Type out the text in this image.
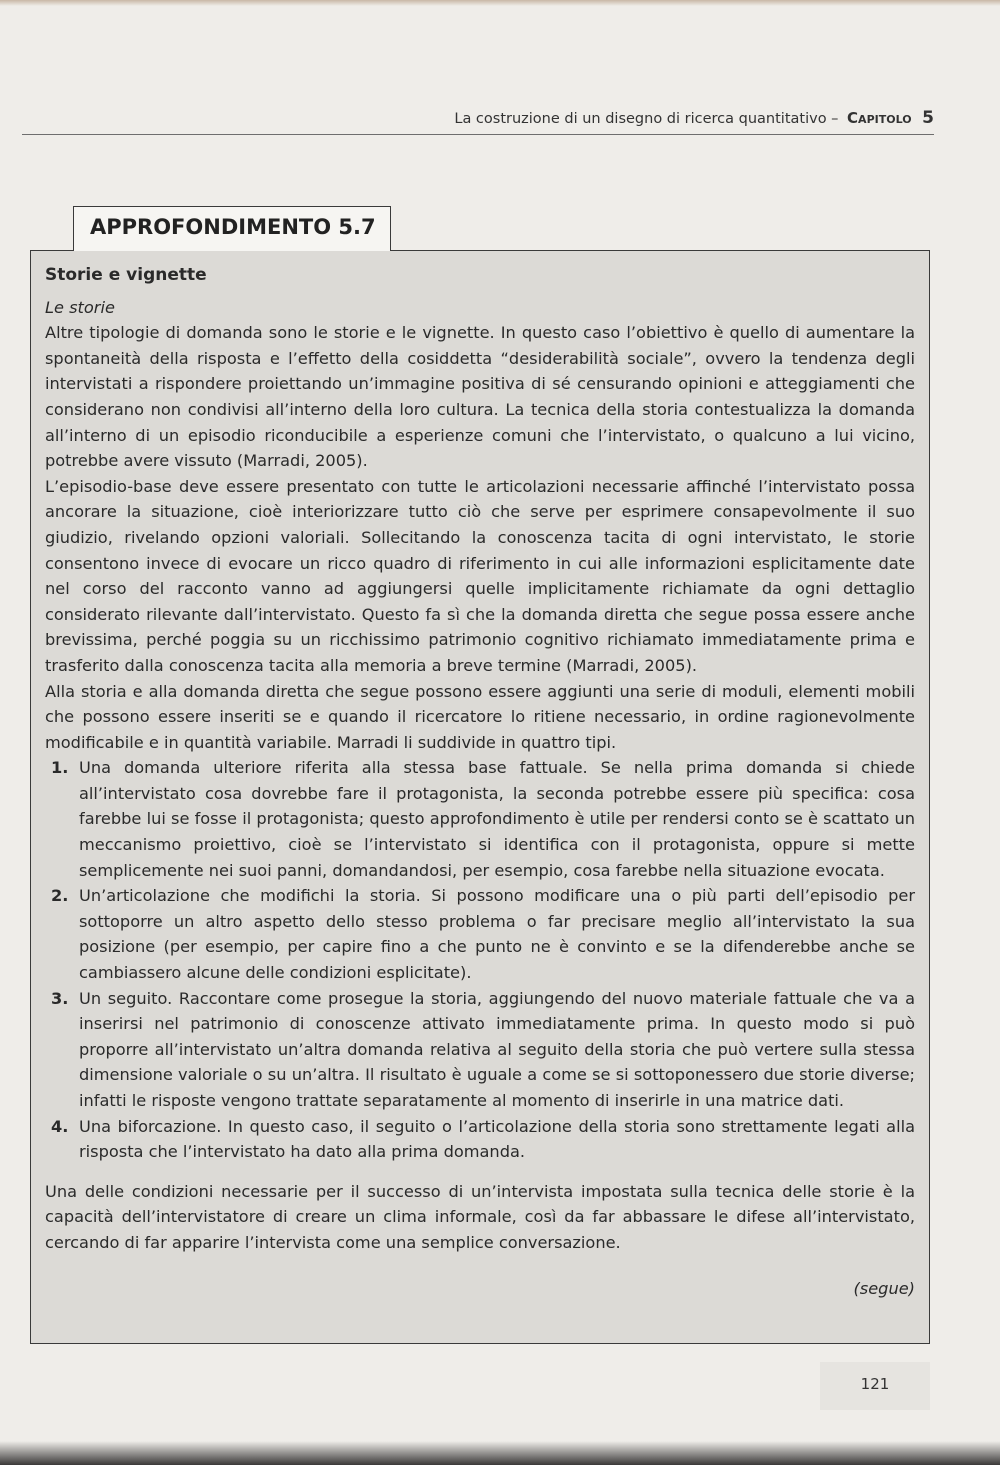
La costruzione di un disegno di ricerca quantitativo – Capitolo 5
APPROFONDIMENTO 5.7
Storie e vignette

Le storie

Altre tipologie di domanda sono le storie e le vignette. In questo caso l’obiettivo è quello di aumentare la spontaneità della risposta e l’effetto della cosiddetta “desiderabilità sociale”, ovvero la tendenza degli intervistati a rispondere proiettando un’immagine positiva di sé censurando opinioni e atteggiamenti che considerano non condivisi all’interno della loro cultura. La tecnica della storia contestualizza la domanda all’interno di un episodio riconducibile a esperienze comuni che l’intervistato, o qualcuno a lui vicino, potrebbe avere vissuto (Marradi, 2005).

L’episodio-base deve essere presentato con tutte le articolazioni necessarie affinché l’intervistato possa ancorare la situazione, cioè interiorizzare tutto ciò che serve per esprimere consapevolmente il suo giudizio, rivelando opzioni valoriali. Sollecitando la conoscenza tacita di ogni intervistato, le storie consentono invece di evocare un ricco quadro di riferimento in cui alle informazioni esplicitamente date nel corso del racconto vanno ad aggiungersi quelle implicitamente richiamate da ogni dettaglio considerato rilevante dall’intervistato. Questo fa sì che la domanda diretta che segue possa essere anche brevissima, perché poggia su un ricchissimo patrimonio cognitivo richiamato immediatamente prima e trasferito dalla conoscenza tacita alla memoria a breve termine (Marradi, 2005).

Alla storia e alla domanda diretta che segue possono essere aggiunti una serie di moduli, elementi mobili che possono essere inseriti se e quando il ricercatore lo ritiene necessario, in ordine ragionevolmente modificabile e in quantità variabile. Marradi li suddivide in quattro tipi.

1. Una domanda ulteriore riferita alla stessa base fattuale. Se nella prima domanda si chiede all’intervistato cosa dovrebbe fare il protagonista, la seconda potrebbe essere più specifica: cosa farebbe lui se fosse il protagonista; questo approfondimento è utile per rendersi conto se è scattato un meccanismo proiettivo, cioè se l’intervistato si identifica con il protagonista, oppure si mette semplicemente nei suoi panni, domandandosi, per esempio, cosa farebbe nella situazione evocata.
2. Un’articolazione che modifichi la storia. Si possono modificare una o più parti dell’episodio per sottoporre un altro aspetto dello stesso problema o far precisare meglio all’intervistato la sua posizione (per esempio, per capire fino a che punto ne è convinto e se la difenderebbe anche se cambiassero alcune delle condizioni esplicitate).
3. Un seguito. Raccontare come prosegue la storia, aggiungendo del nuovo materiale fattuale che va a inserirsi nel patrimonio di conoscenze attivato immediatamente prima. In questo modo si può proporre all’intervistato un’altra domanda relativa al seguito della storia che può vertere sulla stessa dimensione valoriale o su un’altra. Il risultato è uguale a come se si sottoponessero due storie diverse; infatti le risposte vengono trattate separatamente al momento di inserirle in una matrice dati.
4. Una biforcazione. In questo caso, il seguito o l’articolazione della storia sono strettamente legati alla risposta che l’intervistato ha dato alla prima domanda.

Una delle condizioni necessarie per il successo di un’intervista impostata sulla tecnica delle storie è la capacità dell’intervistatore di creare un clima informale, così da far abbassare le difese all’intervistato, cercando di far apparire l’intervista come una semplice conversazione.

(segue)

121
